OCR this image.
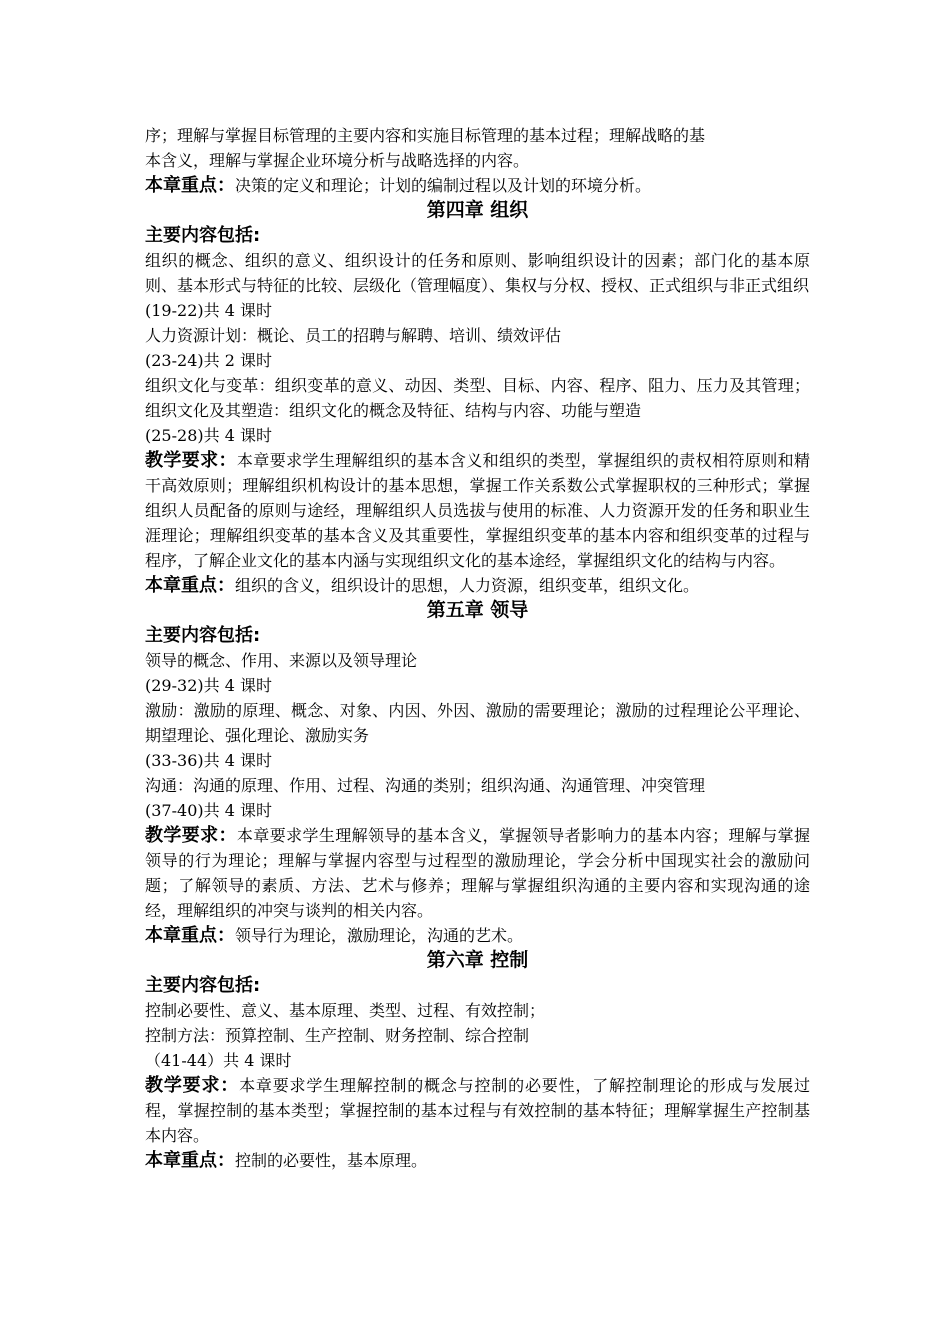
序；理解与掌握目标管理的主要内容和实施目标管理的基本过程；理解战略的基

本含义，理解与掌握企业环境分析与战略选择的内容。

本章重点：决策的定义和理论；计划的编制过程以及计划的环境分析。

第四章 组织

主要内容包括:

组织的概念、组织的意义、组织设计的任务和原则、影响组织设计的因素；部门化的基本原则、基本形式与特征的比较、层级化（管理幅度）、集权与分权、授权、正式组织与非正式组织

(19-22)共 4 课时

人力资源计划：概论、员工的招聘与解聘、培训、绩效评估

(23-24)共 2 课时

组织文化与变革：组织变革的意义、动因、类型、目标、内容、程序、阻力、压力及其管理；组织文化及其塑造：组织文化的概念及特征、结构与内容、功能与塑造

(25-28)共 4 课时

教学要求：本章要求学生理解组织的基本含义和组织的类型，掌握组织的责权相符原则和精干高效原则；理解组织机构设计的基本思想，掌握工作关系数公式掌握职权的三种形式；掌握组织人员配备的原则与途经，理解组织人员选拔与使用的标准、人力资源开发的任务和职业生涯理论；理解组织变革的基本含义及其重要性，掌握组织变革的基本内容和组织变革的过程与程序，了解企业文化的基本内涵与实现组织文化的基本途经，掌握组织文化的结构与内容。

本章重点：组织的含义，组织设计的思想，人力资源，组织变革，组织文化。

第五章 领导

主要内容包括:

领导的概念、作用、来源以及领导理论

(29-32)共 4 课时

激励：激励的原理、概念、对象、内因、外因、激励的需要理论；激励的过程理论公平理论、期望理论、强化理论、激励实务

(33-36)共 4 课时

沟通：沟通的原理、作用、过程、沟通的类别；组织沟通、沟通管理、冲突管理

(37-40)共 4 课时

教学要求：本章要求学生理解领导的基本含义，掌握领导者影响力的基本内容；理解与掌握领导的行为理论；理解与掌握内容型与过程型的激励理论，学会分析中国现实社会的激励问题；了解领导的素质、方法、艺术与修养；理解与掌握组织沟通的主要内容和实现沟通的途经，理解组织的冲突与谈判的相关内容。

本章重点：领导行为理论，激励理论，沟通的艺术。

第六章 控制

主要内容包括:

控制必要性、意义、基本原理、类型、过程、有效控制；

控制方法：预算控制、生产控制、财务控制、综合控制

（41-44）共 4 课时

教学要求：本章要求学生理解控制的概念与控制的必要性，了解控制理论的形成与发展过程，掌握控制的基本类型；掌握控制的基本过程与有效控制的基本特征；理解掌握生产控制基本内容。

本章重点：控制的必要性，基本原理。
